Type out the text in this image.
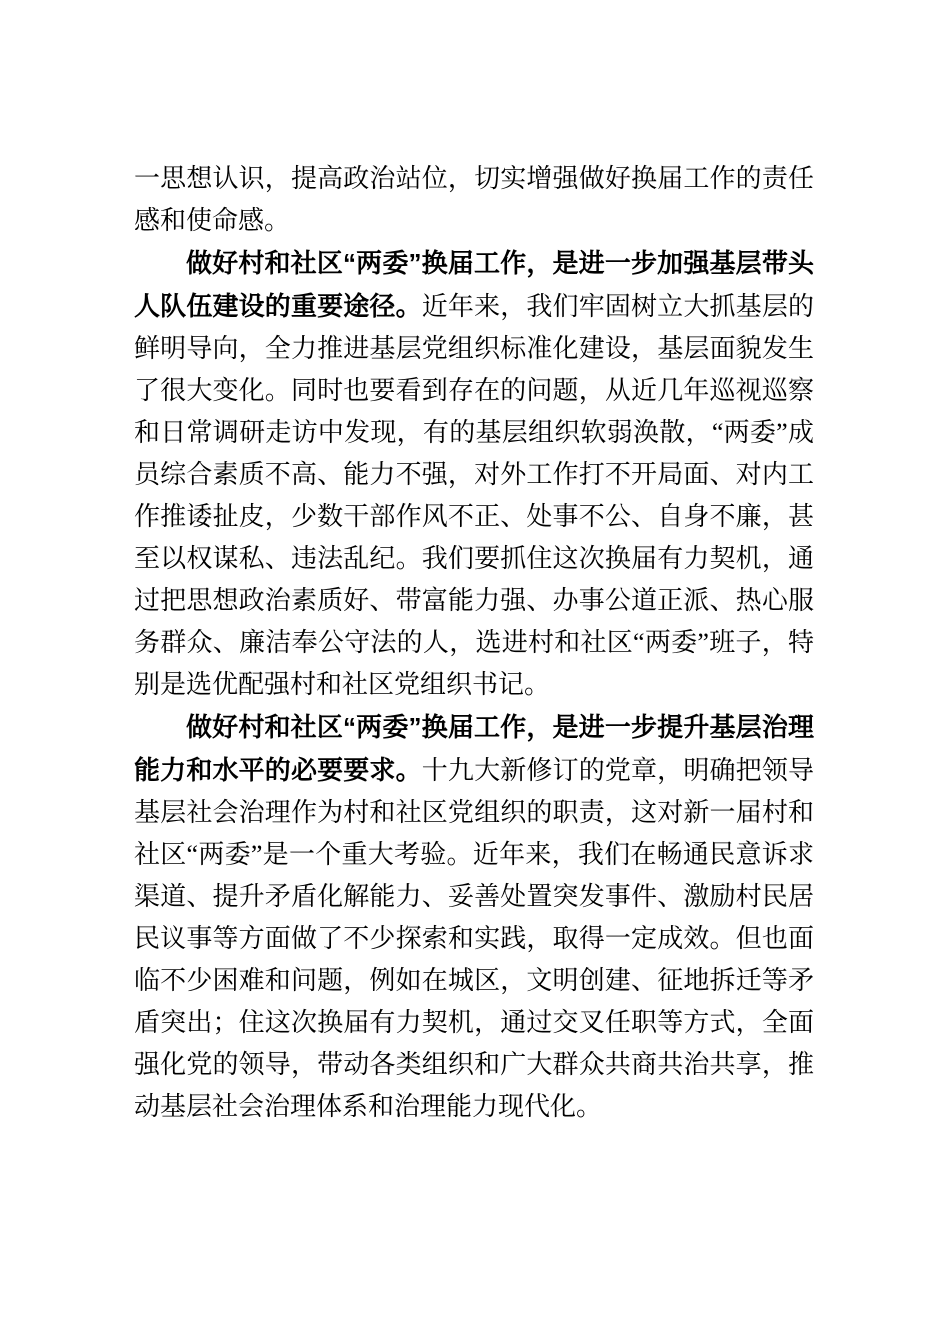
一思想认识，提高政治站位，切实增强做好换届工作的责任感和使命感。

做好村和社区“两委”换届工作，是进一步加强基层带头人队伍建设的重要途径。近年来，我们牢固树立大抓基层的鲜明导向，全力推进基层党组织标准化建设，基层面貌发生了很大变化。同时也要看到存在的问题，从近几年巡视巡察和日常调研走访中发现，有的基层组织软弱涣散，“两委”成员综合素质不高、能力不强，对外工作打不开局面、对内工作推诿扯皮，少数干部作风不正、处事不公、自身不廉，甚至以权谋私、违法乱纪。我们要抓住这次换届有力契机，通过把思想政治素质好、带富能力强、办事公道正派、热心服务群众、廉洁奉公守法的人，选进村和社区“两委”班子，特别是选优配强村和社区党组织书记。

做好村和社区“两委”换届工作，是进一步提升基层治理能力和水平的必要要求。十九大新修订的党章，明确把领导基层社会治理作为村和社区党组织的职责，这对新一届村和社区“两委”是一个重大考验。近年来，我们在畅通民意诉求渠道、提升矛盾化解能力、妥善处置突发事件、激励村民居民议事等方面做了不少探索和实践，取得一定成效。但也面临不少困难和问题，例如在城区，文明创建、征地拆迁等矛盾突出；住这次换届有力契机，通过交叉任职等方式，全面强化党的领导，带动各类组织和广大群众共商共治共享，推动基层社会治理体系和治理能力现代化。
